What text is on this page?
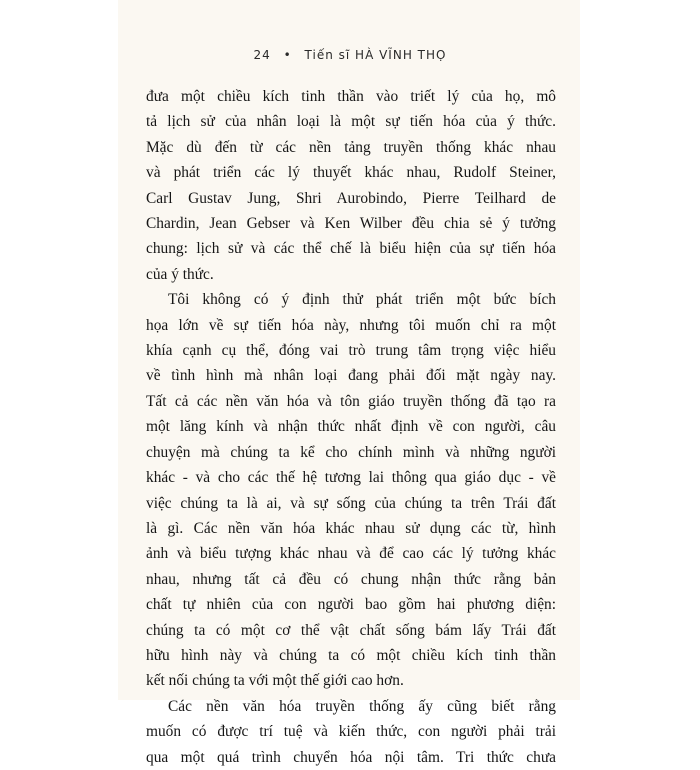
24 • Tiến sĩ HÀ VĨNH THỌ
đưa một chiều kích tinh thần vào triết lý của họ, mô
tả lịch sử của nhân loại là một sự tiến hóa của ý thức.
Mặc dù đến từ các nền tảng truyền thống khác nhau
và phát triển các lý thuyết khác nhau, Rudolf Steiner,
Carl Gustav Jung, Shri Aurobindo, Pierre Teilhard de
Chardin, Jean Gebser và Ken Wilber đều chia sẻ ý tưởng
chung: lịch sử và các thể chế là biểu hiện của sự tiến hóa
của ý thức.
Tôi không có ý định thử phát triển một bức bích
họa lớn về sự tiến hóa này, nhưng tôi muốn chỉ ra một
khía cạnh cụ thể, đóng vai trò trung tâm trọng việc hiểu
về tình hình mà nhân loại đang phải đối mặt ngày nay.
Tất cả các nền văn hóa và tôn giáo truyền thống đã tạo ra
một lăng kính và nhận thức nhất định về con người, câu
chuyện mà chúng ta kể cho chính mình và những người
khác - và cho các thế hệ tương lai thông qua giáo dục - về
việc chúng ta là ai, và sự sống của chúng ta trên Trái đất
là gì. Các nền văn hóa khác nhau sử dụng các từ, hình
ảnh và biểu tượng khác nhau và để cao các lý tưởng khác
nhau, nhưng tất cả đều có chung nhận thức rằng bản
chất tự nhiên của con người bao gồm hai phương diện:
chúng ta có một cơ thể vật chất sống bám lấy Trái đất
hữu hình này và chúng ta có một chiều kích tinh thần
kết nối chúng ta với một thế giới cao hơn.
Các nền văn hóa truyền thống ấy cũng biết rằng
muốn có được trí tuệ và kiến thức, con người phải trải
qua một quá trình chuyển hóa nội tâm. Tri thức chưa
